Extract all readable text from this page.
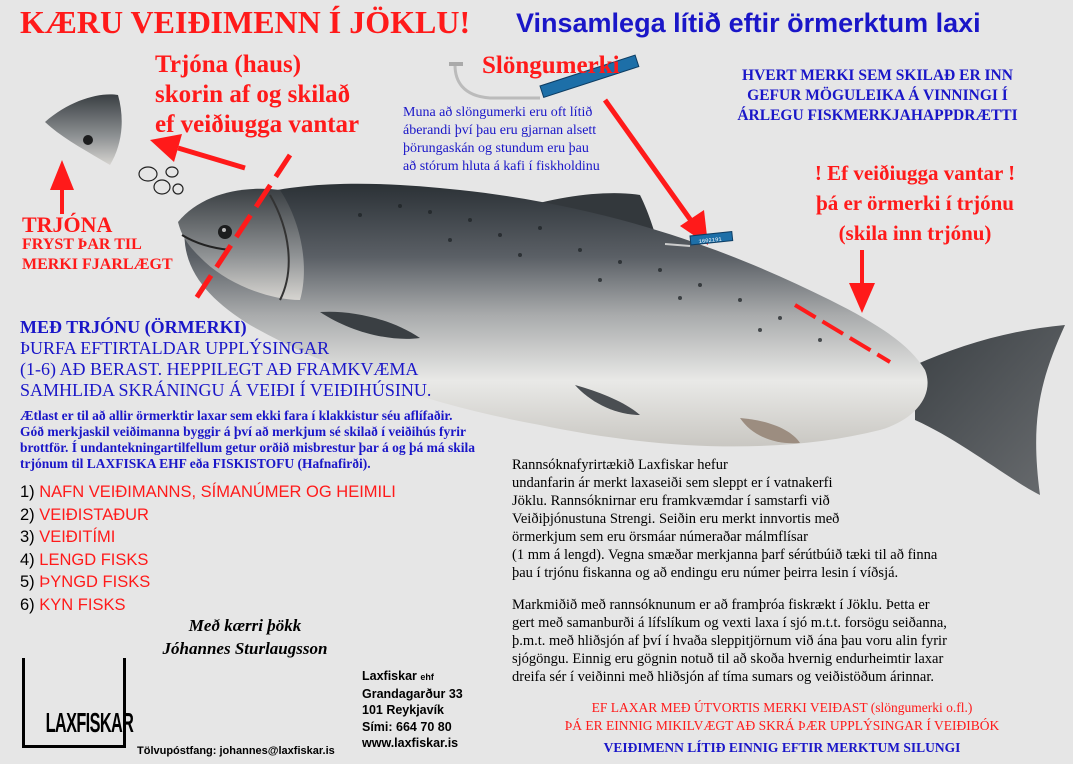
1602191
KÆRU VEIÐIMENN Í JÖKLU! Vinsamlega lítið eftir örmerktum laxi
Trjóna (haus)
skorin af og skilað
ef veiðiugga vantar
Slöngumerki
Muna að slöngumerki eru oft lítið
áberandi því þau eru gjarnan alsett
þörungaskán og stundum eru þau
að stórum hluta á kafi í fiskholdinu
HVERT MERKI SEM SKILAÐ ER INN
GEFUR MÖGULEIKA Á VINNINGI Í
ÁRLEGU FISKMERKJAHAPPDRÆTTI
! Ef veiðiugga vantar !
þá er örmerki í trjónu
(skila inn trjónu)
TRJÓNA
FRYST ÞAR TIL
MERKI FJARLÆGT
MEÐ TRJÓNU (ÖRMERKI)
ÞURFA EFTIRTALDAR UPPLÝSINGAR
(1-6) AÐ BERAST. HEPPILEGT AÐ FRAMKVÆMA
SAMHLIÐA SKRÁNINGU Á VEIÐI Í VEIÐIHÚSINU.
Ætlast er til að allir örmerktir laxar sem ekki fara í klakkistur séu aflífaðir.
Góð merkjaskil veiðimanna byggir á því að merkjum sé skilað í veiðihús fyrir
brottför. Í undantekningartilfellum getur orðið misbrestur þar á og þá má skila
trjónum til LAXFISKA EHF eða FISKISTOFU (Hafnafirði).
1) NAFN VEIÐIMANNS, SÍMANÚMER OG HEIMILI
2) VEIÐISTAÐUR
3) VEIÐITÍMI
4) LENGD FISKS
5) ÞYNGD FISKS
6) KYN FISKS
Með kærri þökk
Jóhannes Sturlaugsson
LAXFISKAR
Tölvupóstfang: johannes@laxfiskar.is
Laxfiskar ehf
Grandagarður 33
101 Reykjavík
Sími: 664 70 80
www.laxfiskar.is
Rannsóknafyrirtækið Laxfiskar hefur
undanfarin ár merkt laxaseiði sem sleppt er í vatnakerfi
Jöklu. Rannsóknirnar eru framkvæmdar í samstarfi við
Veiðiþjónustuna Strengi. Seiðin eru merkt innvortis með
örmerkjum sem eru örsmáar númeraðar málmflísar
(1 mm á lengd). Vegna smæðar merkjanna þarf sérútbúið tæki til að finna
þau í trjónu fiskanna og að endingu eru númer þeirra lesin í víðsjá.
Markmiðið með rannsóknunum er að framþróa fiskrækt í Jöklu. Þetta er
gert með samanburði á lífslíkum og vexti laxa í sjó m.t.t. forsögu seiðanna,
þ.m.t. með hliðsjón af því í hvaða sleppitjörnum við ána þau voru alin fyrir
sjógöngu. Einnig eru gögnin notuð til að skoða hvernig endurheimtir laxar
dreifa sér í veiðinni með hliðsjón af tíma sumars og veiðistöðum árinnar.
EF LAXAR MEÐ ÚTVORTIS MERKI VEIÐAST (slöngumerki o.fl.)
ÞÁ ER EINNIG MIKILVÆGT AÐ SKRÁ ÞÆR UPPLÝSINGAR Í VEIÐIBÓK
VEIÐIMENN LÍTIÐ EINNIG EFTIR MERKTUM SILUNGI
